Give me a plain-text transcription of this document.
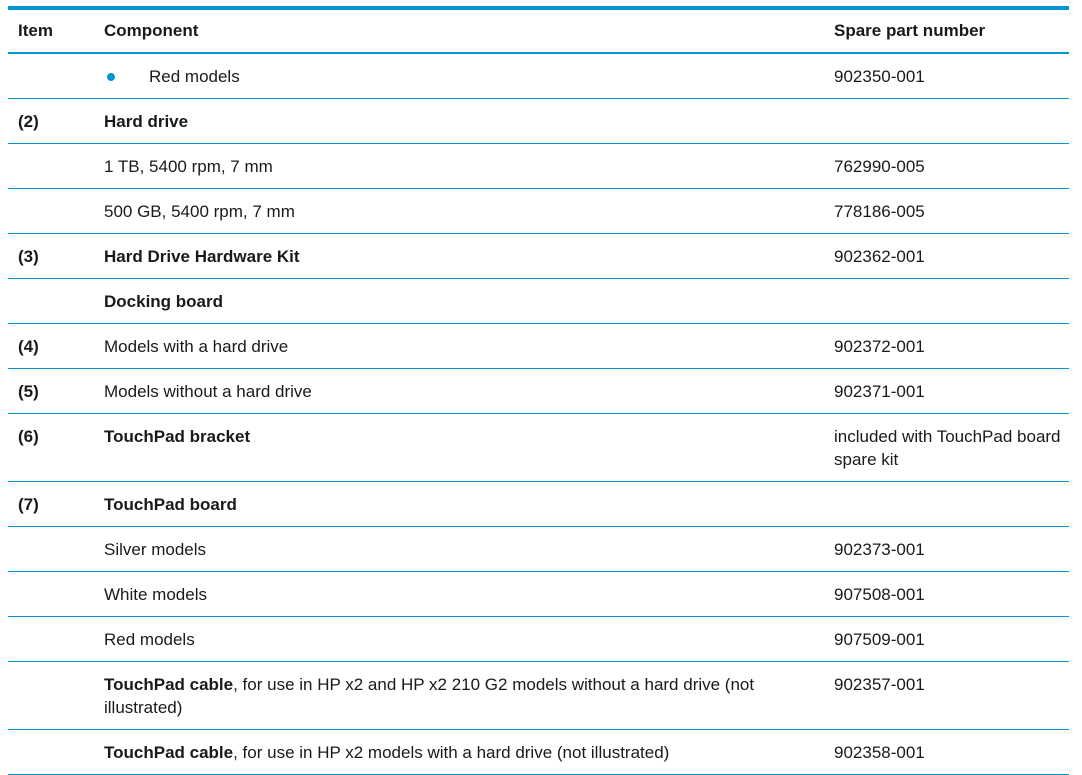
Item	Component	Spare part number
	Red models	902350-001
(2)	Hard drive	
	1 TB, 5400 rpm, 7 mm	762990-005
	500 GB, 5400 rpm, 7 mm	778186-005
(3)	Hard Drive Hardware Kit	902362-001
	Docking board	
(4)	Models with a hard drive	902372-001
(5)	Models without a hard drive	902371-001
(6)	TouchPad bracket	included with TouchPad board spare kit
(7)	TouchPad board	
	Silver models	902373-001
	White models	907508-001
	Red models	907509-001
	TouchPad cable, for use in HP x2 and HP x2 210 G2 models without a hard drive (not illustrated)	902357-001
	TouchPad cable, for use in HP x2 models with a hard drive (not illustrated)	902358-001
